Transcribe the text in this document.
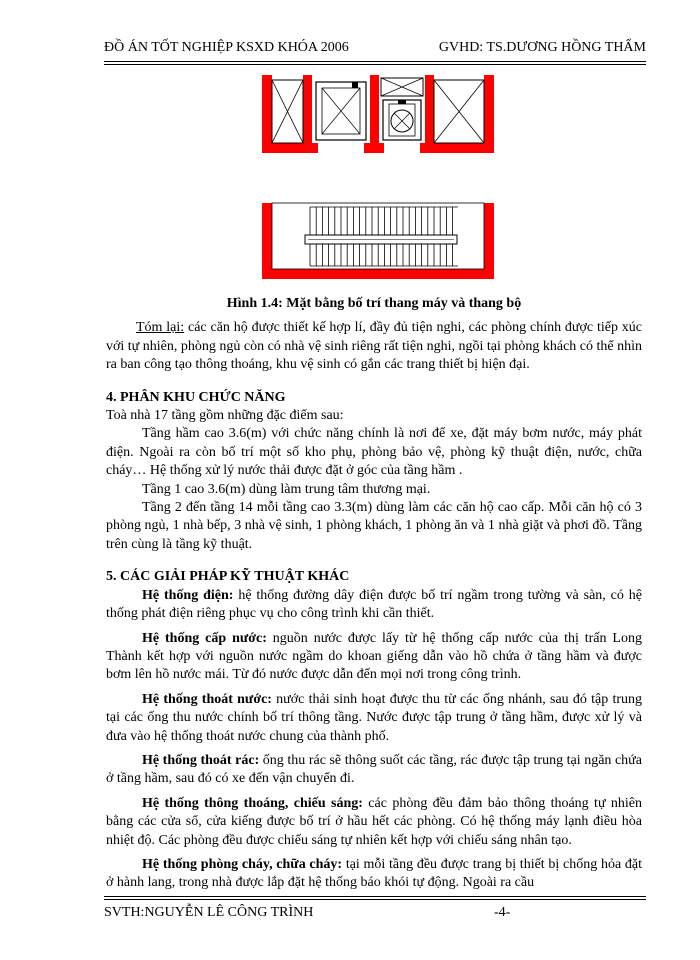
ĐỒ ÁN TỐT NGHIỆP KSXD KHÓA 2006	GVHD: TS.DƯƠNG HỒNG THẨM

Hình 1.4: Mặt bằng bố trí thang máy và thang bộ

Tóm lại: các căn hộ được thiết kế hợp lí, đầy đủ tiện nghi, các phòng chính được tiếp xúc với tự nhiên, phòng ngủ còn có nhà vệ sinh riêng rất tiện nghi, ngồi tại phòng khách có thể nhìn ra ban công tạo thông thoáng, khu vệ sinh có gắn các trang thiết bị hiện đại.

4. PHÂN KHU CHỨC NĂNG

Toà nhà 17 tầng gồm những đặc điểm sau:

Tầng hầm cao 3.6(m) với chức năng chính là nơi để xe, đặt máy bơm nước, máy phát điện. Ngoài ra còn bố trí một số kho phụ, phòng bảo vệ, phòng kỹ thuật điện, nước, chữa cháy… Hệ thống xử lý nước thải được đặt ở góc của tầng hầm .

Tầng 1 cao 3.6(m) dùng làm trung tâm thương mại.

Tầng 2 đến tầng 14 mỗi tầng cao 3.3(m) dùng làm các căn hộ cao cấp. Mỗi căn hộ có 3 phòng ngủ, 1 nhà bếp, 3 nhà vệ sinh, 1 phòng khách, 1 phòng ăn và 1 nhà giặt và phơi đồ. Tầng trên cùng là tầng kỹ thuật.

5. CÁC GIẢI PHÁP KỸ THUẬT KHÁC

Hệ thống điện: hệ thống đường dây điện được bố trí ngầm trong tường và sàn, có hệ thống phát điện riêng phục vụ cho công trình khi cần thiết.

Hệ thống cấp nước: nguồn nước được lấy từ hệ thống cấp nước của thị trấn Long Thành kết hợp với nguồn nước ngầm do khoan giếng dẫn vào hồ chứa ở tầng hầm và được bơm lên hồ nước mái. Từ đó nước được dẫn đến mọi nơi trong công trình.

Hệ thống thoát nước: nước thải sinh hoạt được thu từ các ống nhánh, sau đó tập trung tại các ống thu nước chính bố trí thông tầng. Nước được tập trung ở tầng hầm, được xử lý và đưa vào hệ thống thoát nước chung của thành phố.

Hệ thống thoát rác: ống thu rác sẽ thông suốt các tầng, rác được tập trung tại ngăn chứa ở tầng hầm, sau đó có xe đến vận chuyển đi.

Hệ thống thông thoáng, chiếu sáng: các phòng đều đảm bảo thông thoáng tự nhiên bằng các cửa sổ, cửa kiếng được bố trí ở hầu hết các phòng. Có hệ thống máy lạnh điều hòa nhiệt độ. Các phòng đều được chiếu sáng tự nhiên kết hợp với chiếu sáng nhân tạo.

Hệ thống phòng cháy, chữa cháy: tại mỗi tầng đều được trang bị thiết bị chống hỏa đặt ở hành lang, trong nhà được lắp đặt hệ thống báo khói tự động. Ngoài ra cầu

SVTH:NGUYỄN LÊ CÔNG TRÌNH	-4-
